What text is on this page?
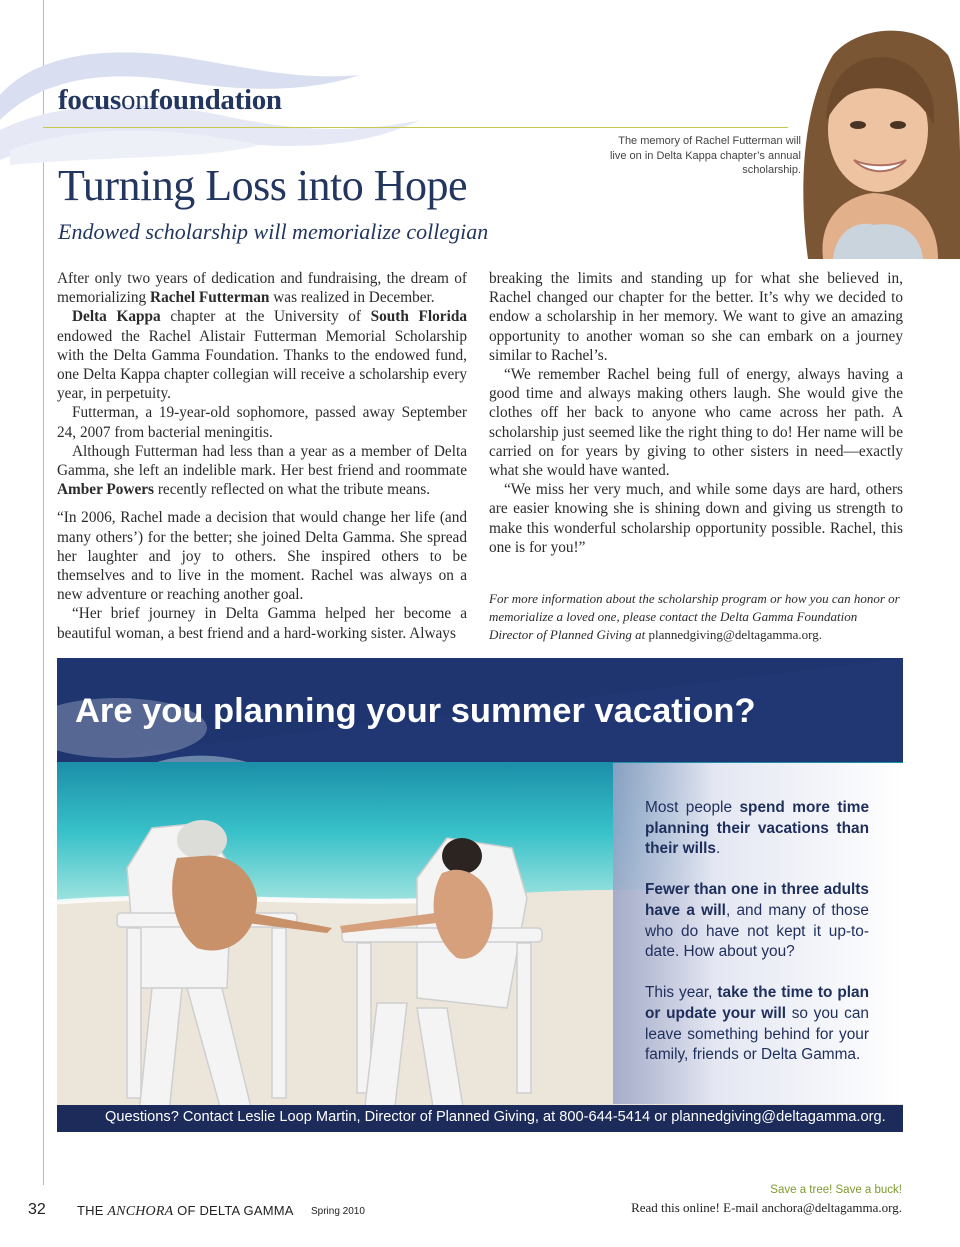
focusonfoundation
The memory of Rachel Futterman will live on in Delta Kappa chapter’s annual scholarship.
Turning Loss into Hope
Endowed scholarship will memorialize collegian

After only two years of dedication and fundraising, the dream of memorializing Rachel Futterman was realized in December.

Delta Kappa chapter at the University of South Florida endowed the Rachel Alistair Futterman Memorial Scholarship with the Delta Gamma Foundation. Thanks to the endowed fund, one Delta Kappa chapter collegian will receive a scholarship every year, in perpetuity.

Futterman, a 19-year-old sophomore, passed away September 24, 2007 from bacterial meningitis.

Although Futterman had less than a year as a member of Delta Gamma, she left an indelible mark. Her best friend and roommate Amber Powers recently reflected on what the tribute means.

“In 2006, Rachel made a decision that would change her life (and many others’) for the better; she joined Delta Gamma. She spread her laughter and joy to others. She inspired others to be themselves and to live in the moment. Rachel was always on a new adventure or reaching another goal.

“Her brief journey in Delta Gamma helped her become a beautiful woman, a best friend and a hard-working sister. Always

breaking the limits and standing up for what she believed in, Rachel changed our chapter for the better. It’s why we decided to endow a scholarship in her memory. We want to give an amazing opportunity to another woman so she can embark on a journey similar to Rachel’s.

“We remember Rachel being full of energy, always having a good time and always making others laugh. She would give the clothes off her back to anyone who came across her path. A scholarship just seemed like the right thing to do! Her name will be carried on for years by giving to other sisters in need—exactly what she would have wanted.

“We miss her very much, and while some days are hard, others are easier knowing she is shining down and giving us strength to make this wonderful scholarship opportunity possible. Rachel, this one is for you!”

For more information about the scholarship program or how you can honor or memorialize a loved one, please contact the Delta Gamma Foundation Director of Planned Giving at plannedgiving@deltagamma.org.
Are you planning your summer vacation?

Most people spend more time planning their vacations than their wills.

Fewer than one in three adults have a will, and many of those who do have not kept it up-to-date. How about you?

This year, take the time to plan or update your will so you can leave something behind for your family, friends or Delta Gamma.

Questions? Contact Leslie Loop Martin, Director of Planned Giving, at 800-644-5414 or plannedgiving@deltagamma.org.
32 THE ANCHORA OF DELTA GAMMA Spring 2010
Save a tree! Save a buck!
Read this online! E-mail anchora@deltagamma.org.
